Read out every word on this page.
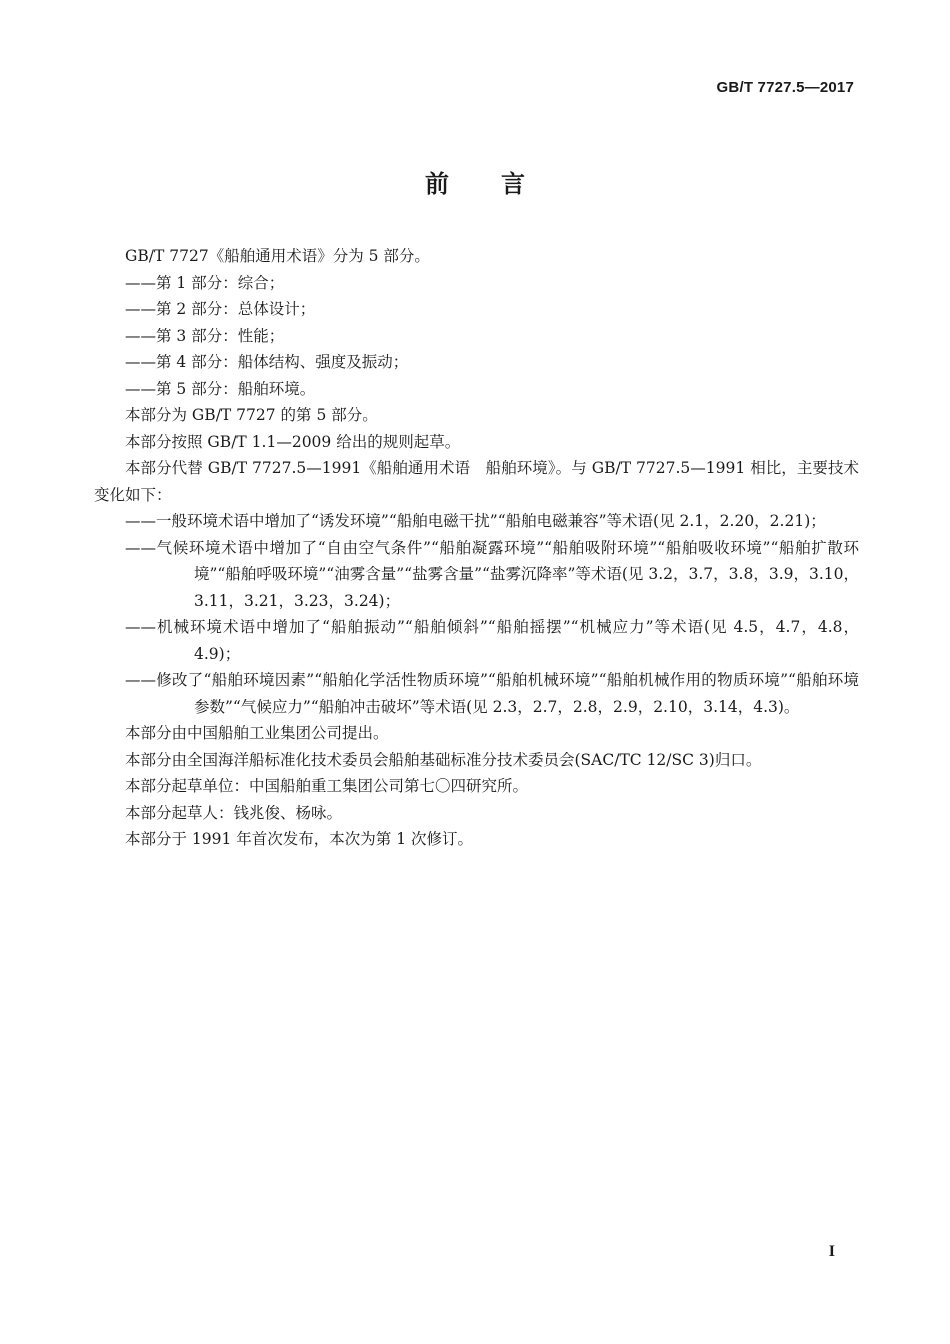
GB/T 7727.5—2017
前言

GB/T 7727《船舶通用术语》分为 5 部分。

——第 1 部分：综合；

——第 2 部分：总体设计；

——第 3 部分：性能；

——第 4 部分：船体结构、强度及振动；

——第 5 部分：船舶环境。

本部分为 GB/T 7727 的第 5 部分。

本部分按照 GB/T 1.1—2009 给出的规则起草。

本部分代替 GB/T 7727.5—1991《船舶通用术语　船舶环境》。与 GB/T 7727.5—1991 相比，主要技术变化如下：

——一般环境术语中增加了“诱发环境”“船舶电磁干扰”“船舶电磁兼容”等术语(见 2.1，2.20，2.21)；

——气候环境术语中增加了“自由空气条件”“船舶凝露环境”“船舶吸附环境”“船舶吸收环境”“船舶扩散环境”“船舶呼吸环境”“油雾含量”“盐雾含量”“盐雾沉降率”等术语(见 3.2，3.7，3.8，3.9，3.10，3.11，3.21，3.23，3.24)；

——机械环境术语中增加了“船舶振动”“船舶倾斜”“船舶摇摆”“机械应力”等术语(见 4.5，4.7，4.8，4.9)；

——修改了“船舶环境因素”“船舶化学活性物质环境”“船舶机械环境”“船舶机械作用的物质环境”“船舶环境参数”“气候应力”“船舶冲击破坏”等术语(见 2.3，2.7，2.8，2.9，2.10，3.14，4.3)。

本部分由中国船舶工业集团公司提出。

本部分由全国海洋船标准化技术委员会船舶基础标准分技术委员会(SAC/TC 12/SC 3)归口。

本部分起草单位：中国船舶重工集团公司第七〇四研究所。

本部分起草人：钱兆俊、杨咏。

本部分于 1991 年首次发布，本次为第 1 次修订。

I
